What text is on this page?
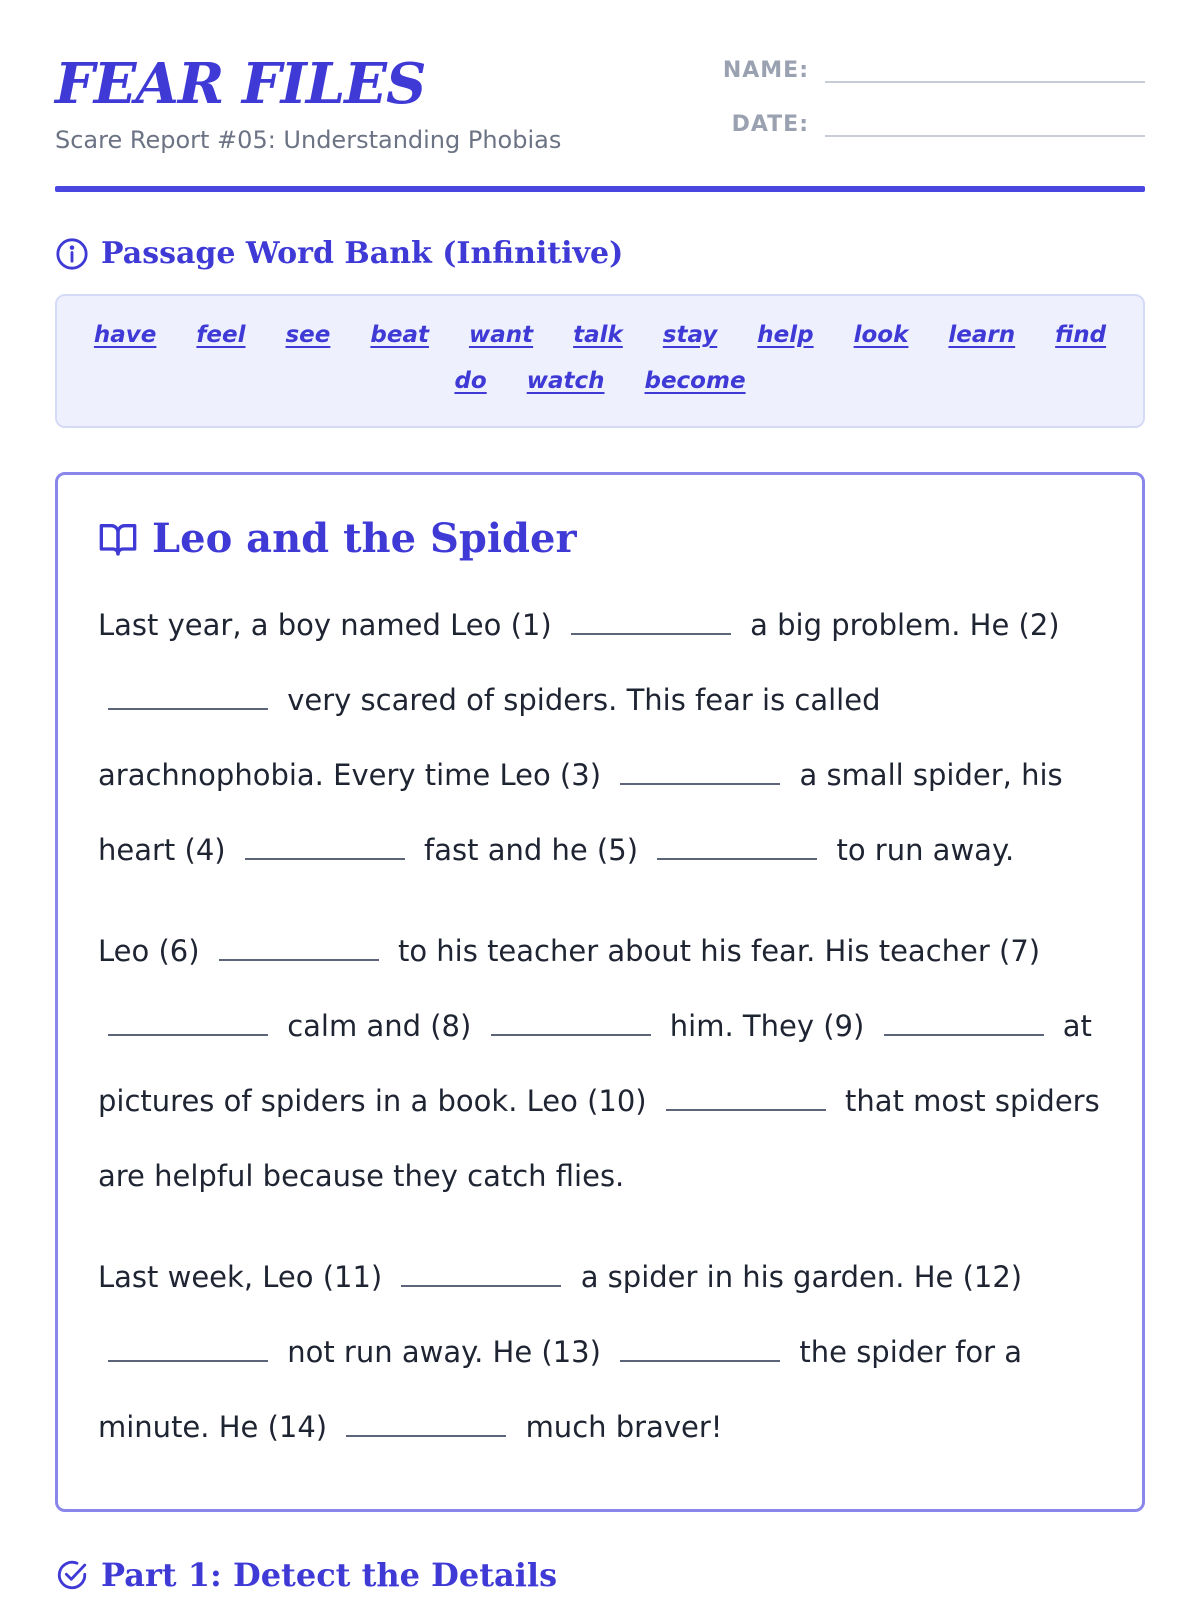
FEAR FILES

Scare Report #05: Understanding Phobias

NAME:
DATE:
Passage Word Bank (Infinitive)
have feel see beat want talk stay help look learn find
do watch become
Leo and the Spider

Last year, a boy named Leo (1)	a big problem. He (2)  very scared of spiders. This fear is called arachnophobia. Every time Leo (3)	a small spider, his heart (4)	fast and he (5)	to run away.

Leo (6)	to his teacher about his fear. His teacher (7)  calm and (8)	him. They (9)	at pictures of spiders in a book. Leo (10)	that most spiders are helpful because they catch flies.

Last week, Leo (11)	a spider in his garden. He (12)  not run away. He (13)	the spider for a minute. He (14)	much braver!

Part 1: Detect the Details
